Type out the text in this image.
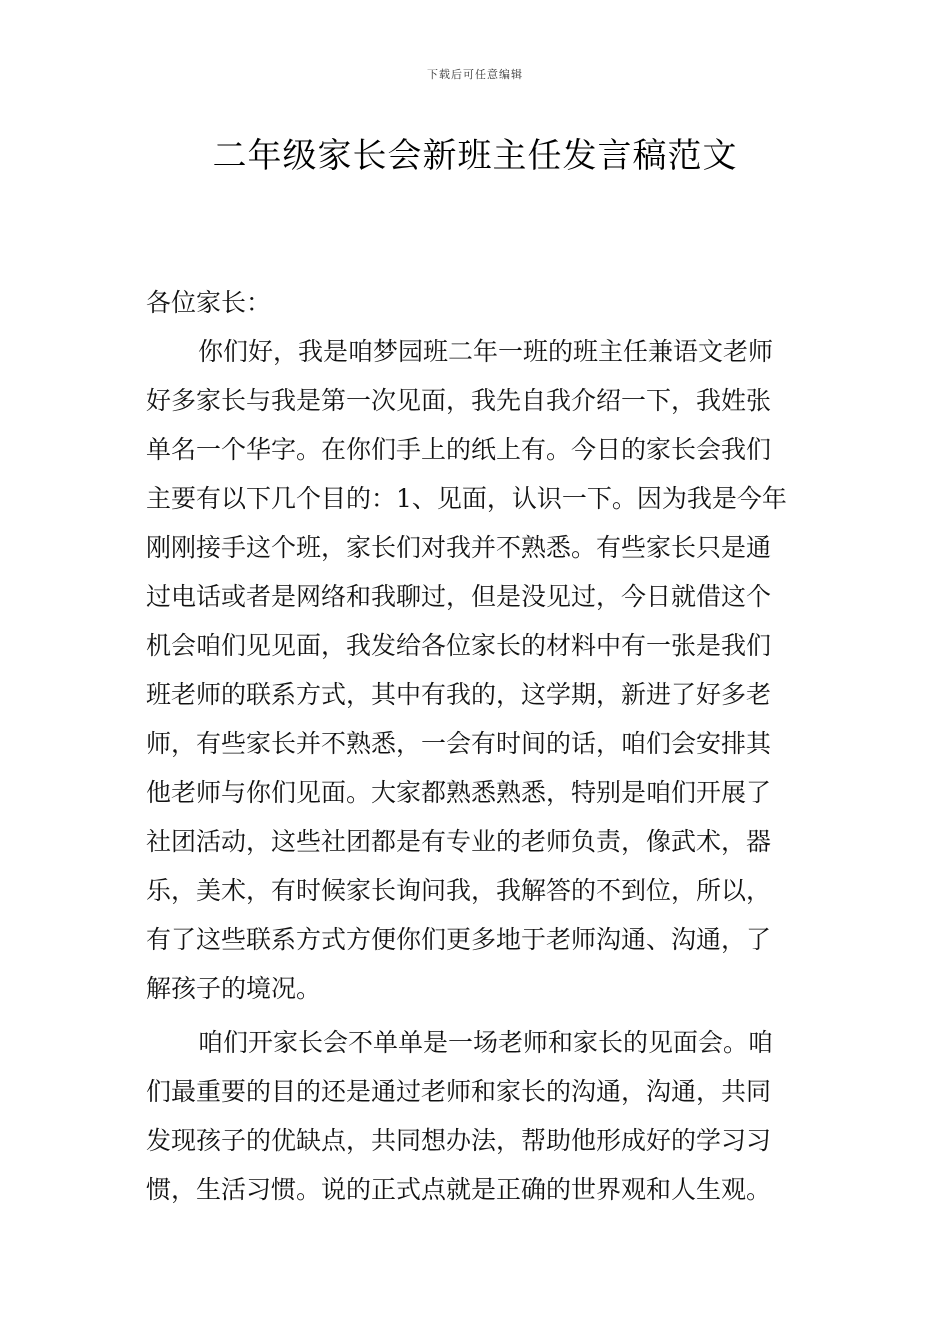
下载后可任意编辑
二年级家长会新班主任发言稿范文
各位家长：
你们好，我是咱梦园班二年一班的班主任兼语文老师
好多家长与我是第一次见面，我先自我介绍一下，我姓张
单名一个华字。在你们手上的纸上有。今日的家长会我们
主要有以下几个目的：1、见面，认识一下。因为我是今年
刚刚接手这个班，家长们对我并不熟悉。有些家长只是通
过电话或者是网络和我聊过，但是没见过，今日就借这个
机会咱们见见面，我发给各位家长的材料中有一张是我们
班老师的联系方式，其中有我的，这学期，新进了好多老
师，有些家长并不熟悉，一会有时间的话，咱们会安排其
他老师与你们见面。大家都熟悉熟悉，特别是咱们开展了
社团活动，这些社团都是有专业的老师负责，像武术，器
乐，美术，有时候家长询问我，我解答的不到位，所以，
有了这些联系方式方便你们更多地于老师沟通、沟通，了
解孩子的境况。
咱们开家长会不单单是一场老师和家长的见面会。咱
们最重要的目的还是通过老师和家长的沟通，沟通，共同
发现孩子的优缺点，共同想办法，帮助他形成好的学习习
惯，生活习惯。说的正式点就是正确的世界观和人生观。
